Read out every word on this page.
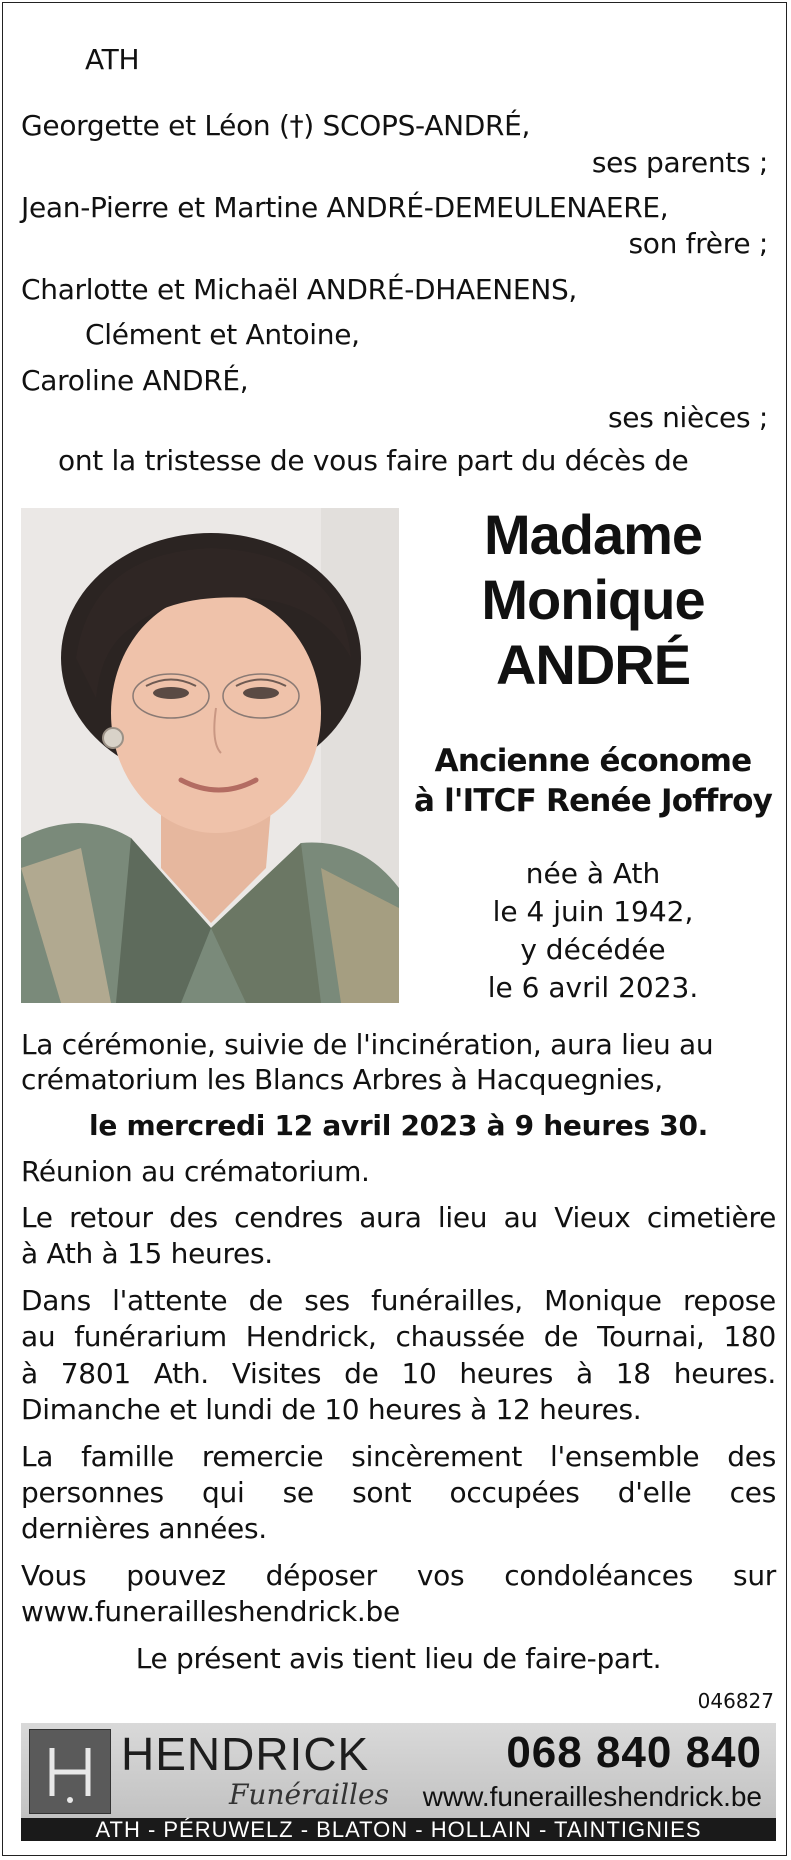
ATH
Georgette et Léon (†) SCOPS-ANDRÉ,
ses parents ;
Jean-Pierre et Martine ANDRÉ-DEMEULENAERE,
son frère ;
Charlotte et Michaël ANDRÉ-DHAENENS,
Clément et Antoine,
Caroline ANDRÉ,
ses nièces ;
ont la tristesse de vous faire part du décès de
Madame
Monique
ANDRÉ
Ancienne économe
à l'ITCF Renée Joffroy
née à Ath
le 4 juin 1942,
y décédée
le 6 avril 2023.
La cérémonie, suivie de l'incinération, aura lieu au
crématorium les Blancs Arbres à Hacquegnies,
le mercredi 12 avril 2023 à 9 heures 30.
Réunion au crématorium.
Le retour des cendres aura lieu au Vieux cimetière
à Ath à 15 heures.
Dans l'attente de ses funérailles, Monique repose
au funérarium Hendrick, chaussée de Tournai, 180
à 7801 Ath. Visites de 10 heures à 18 heures.
Dimanche et lundi de 10 heures à 12 heures.
La famille remercie sincèrement l'ensemble des
personnes qui se sont occupées d'elle ces
dernières années.
Vous pouvez déposer vos condoléances sur
www.funerailleshendrick.be
Le présent avis tient lieu de faire-part.
046827
HENDRICK
Funérailles
068 840 840
www.funerailleshendrick.be
ATH - PÉRUWELZ - BLATON - HOLLAIN - TAINTIGNIES
